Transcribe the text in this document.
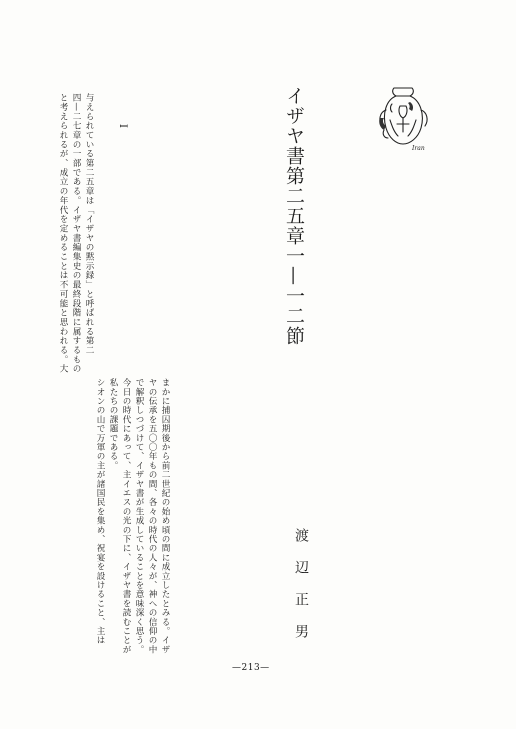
Iran
イザヤ書第二五章一—一二節
渡辺正男
I
まかに捕囚期後から前二世紀の始め頃の間に成立したとみる。イザ
ヤの伝承を五〇〇年もの間、各々の時代の人々が、神への信仰の中
で解釈しつづけて、イザヤ書が生成していることを意味深く思う。
今日の時代にあって、主イエスの光の下に、イザヤ書を読むことが
私たちの課題である。
シオンの山で万軍の主が諸国民を集め、祝宴を設けること、主は
与えられている第二五章は「イザヤの黙示録」と呼ばれる第二
四—二七章の一部である。イザヤ書編集史の最終段階に属するもの
と考えられるが、成立の年代を定めることは不可能と思われる。大
—213—
